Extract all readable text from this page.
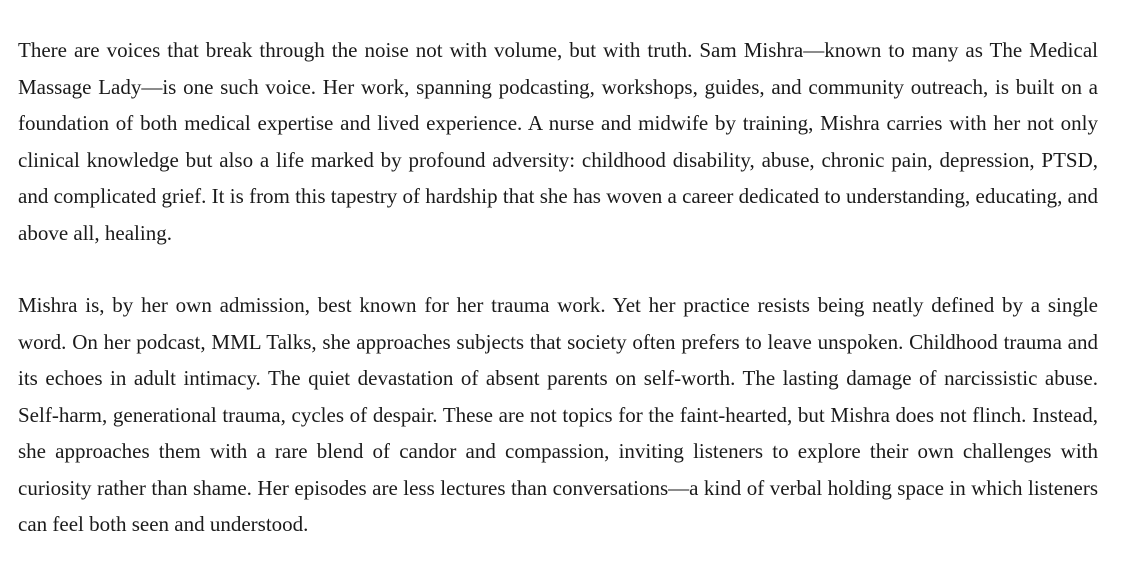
There are voices that break through the noise not with volume, but with truth. Sam Mishra—known to many as The Medical Massage Lady—is one such voice. Her work, spanning podcasting, workshops, guides, and community outreach, is built on a foundation of both medical expertise and lived experience. A nurse and midwife by training, Mishra carries with her not only clinical knowledge but also a life marked by profound adversity: childhood disability, abuse, chronic pain, depression, PTSD, and complicated grief. It is from this tapestry of hardship that she has woven a career dedicated to understanding, educating, and above all, healing.

Mishra is, by her own admission, best known for her trauma work. Yet her practice resists being neatly defined by a single word. On her podcast, MML Talks, she approaches subjects that society often prefers to leave unspoken. Childhood trauma and its echoes in adult intimacy. The quiet devastation of absent parents on self-worth. The lasting damage of narcissistic abuse. Self-harm, generational trauma, cycles of despair. These are not topics for the faint-hearted, but Mishra does not flinch. Instead, she approaches them with a rare blend of candor and compassion, inviting listeners to explore their own challenges with curiosity rather than shame. Her episodes are less lectures than conversations—a kind of verbal holding space in which listeners can feel both seen and understood.
